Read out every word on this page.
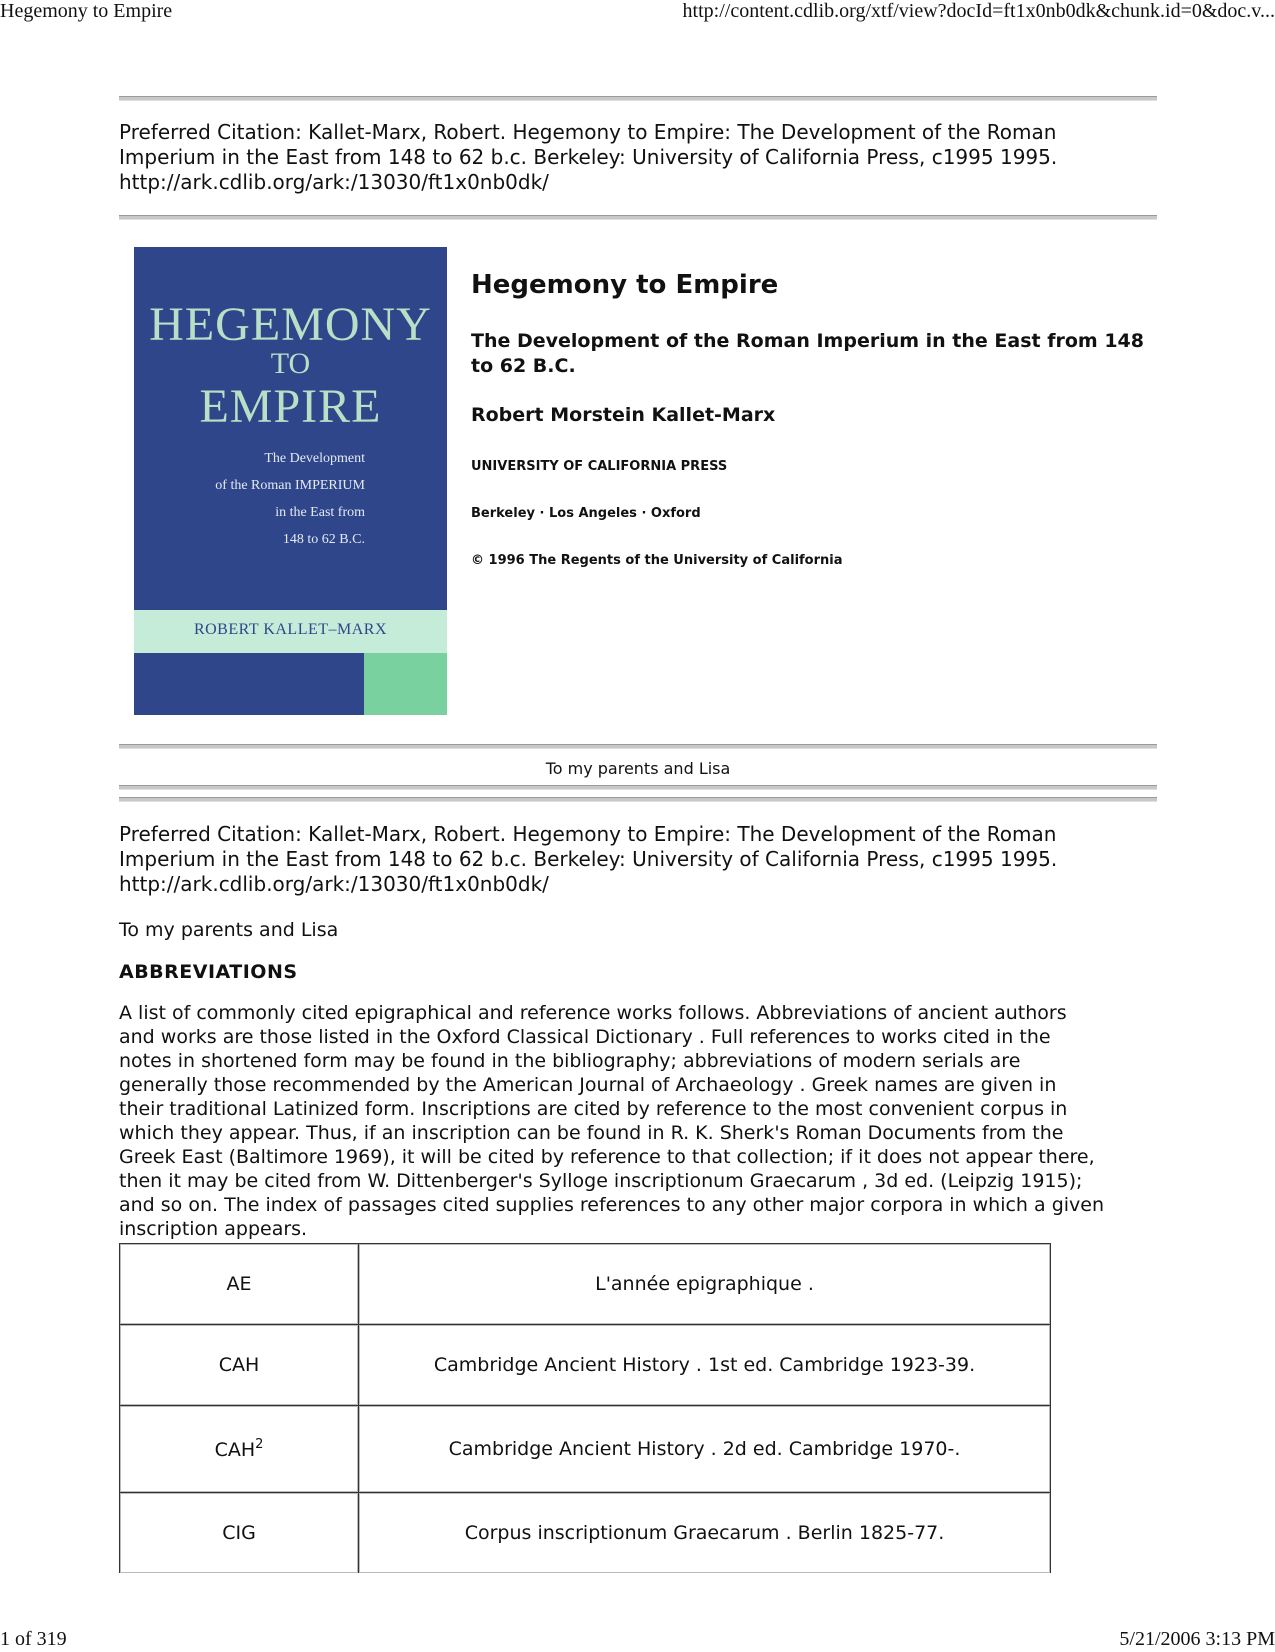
Hegemony to Empire	http://content.cdlib.org/xtf/view?docId=ft1x0nb0dk&chunk.id=0&doc.v...
Preferred Citation: Kallet-Marx, Robert. Hegemony to Empire: The Development of the Roman
Imperium in the East from 148 to 62 b.c. Berkeley: University of California Press, c1995 1995.
http://ark.cdlib.org/ark:/13030/ft1x0nb0dk/
HEGEMONY
TO
EMPIRE
The Development
of the Roman IMPERIUM
in the East from
148 to 62 B.C.
ROBERT KALLET–MARX
Hegemony to Empire
The Development of the Roman Imperium in the East from 148 to 62 B.C.
Robert Morstein Kallet-Marx
UNIVERSITY OF CALIFORNIA PRESS
Berkeley · Los Angeles · Oxford
© 1996 The Regents of the University of California
To my parents and Lisa
Preferred Citation: Kallet-Marx, Robert. Hegemony to Empire: The Development of the Roman
Imperium in the East from 148 to 62 b.c. Berkeley: University of California Press, c1995 1995.
http://ark.cdlib.org/ark:/13030/ft1x0nb0dk/
To my parents and Lisa
ABBREVIATIONS
A list of commonly cited epigraphical and reference works follows. Abbreviations of ancient authors
and works are those listed in the Oxford Classical Dictionary . Full references to works cited in the
notes in shortened form may be found in the bibliography; abbreviations of modern serials are
generally those recommended by the American Journal of Archaeology . Greek names are given in
their traditional Latinized form. Inscriptions are cited by reference to the most convenient corpus in
which they appear. Thus, if an inscription can be found in R. K. Sherk's Roman Documents from the
Greek East (Baltimore 1969), it will be cited by reference to that collection; if it does not appear there,
then it may be cited from W. Dittenberger's Sylloge inscriptionum Graecarum , 3d ed. (Leipzig 1915);
and so on. The index of passages cited supplies references to any other major corpora in which a given
inscription appears.
AE	L'année epigraphique .
CAH	Cambridge Ancient History . 1st ed. Cambridge 1923-39.
CAH$^2$	Cambridge Ancient History . 2d ed. Cambridge 1970-.
CIG	Corpus inscriptionum Graecarum . Berlin 1825-77.
1 of 319	5/21/2006 3:13 PM
